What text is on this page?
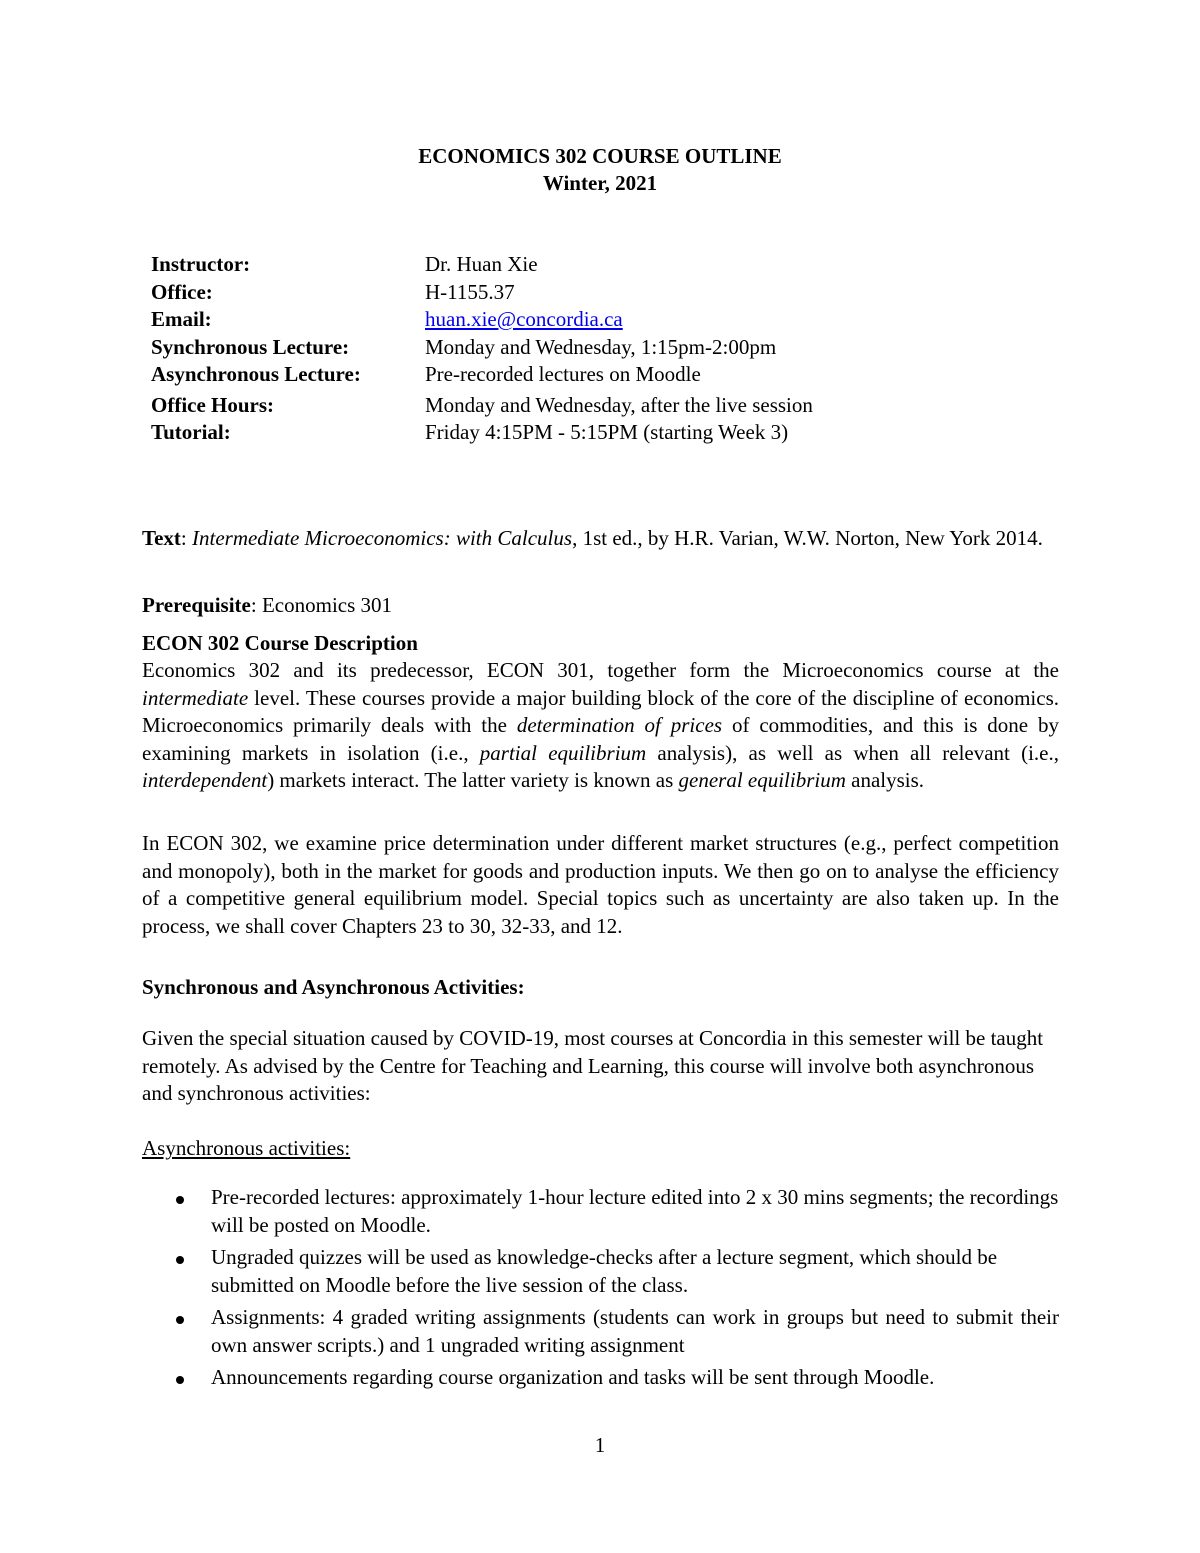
ECONOMICS 302 COURSE OUTLINE
Winter, 2021
Instructor:	Dr. Huan Xie
Office:	H-1155.37
Email:	huan.xie@concordia.ca
Synchronous Lecture:	Monday and Wednesday, 1:15pm-2:00pm
Asynchronous Lecture:	Pre-recorded lectures on Moodle
Office Hours:	Monday and Wednesday, after the live session
Tutorial:	Friday 4:15PM - 5:15PM (starting Week 3)
Text: Intermediate Microeconomics: with Calculus, 1st ed., by H.R. Varian, W.W. Norton, New York 2014.
Prerequisite: Economics 301
ECON 302 Course Description
Economics 302 and its predecessor, ECON 301, together form the Microeconomics course at the intermediate level. These courses provide a major building block of the core of the discipline of economics. Microeconomics primarily deals with the determination of prices of commodities, and this is done by examining markets in isolation (i.e., partial equilibrium analysis), as well as when all relevant (i.e., interdependent) markets interact. The latter variety is known as general equilibrium analysis.
In ECON 302, we examine price determination under different market structures (e.g., perfect competition and monopoly), both in the market for goods and production inputs. We then go on to analyse the efficiency of a competitive general equilibrium model. Special topics such as uncertainty are also taken up. In the process, we shall cover Chapters 23 to 30, 32-33, and 12.
Synchronous and Asynchronous Activities:
Given the special situation caused by COVID-19, most courses at Concordia in this semester will be taught remotely. As advised by the Centre for Teaching and Learning, this course will involve both asynchronous and synchronous activities:
Asynchronous activities:
Pre-recorded lectures: approximately 1-hour lecture edited into 2 x 30 mins segments; the recordings will be posted on Moodle.
Ungraded quizzes will be used as knowledge-checks after a lecture segment, which should be submitted on Moodle before the live session of the class.
Assignments: 4 graded writing assignments (students can work in groups but need to submit their own answer scripts.) and 1 ungraded writing assignment
Announcements regarding course organization and tasks will be sent through Moodle.
1
